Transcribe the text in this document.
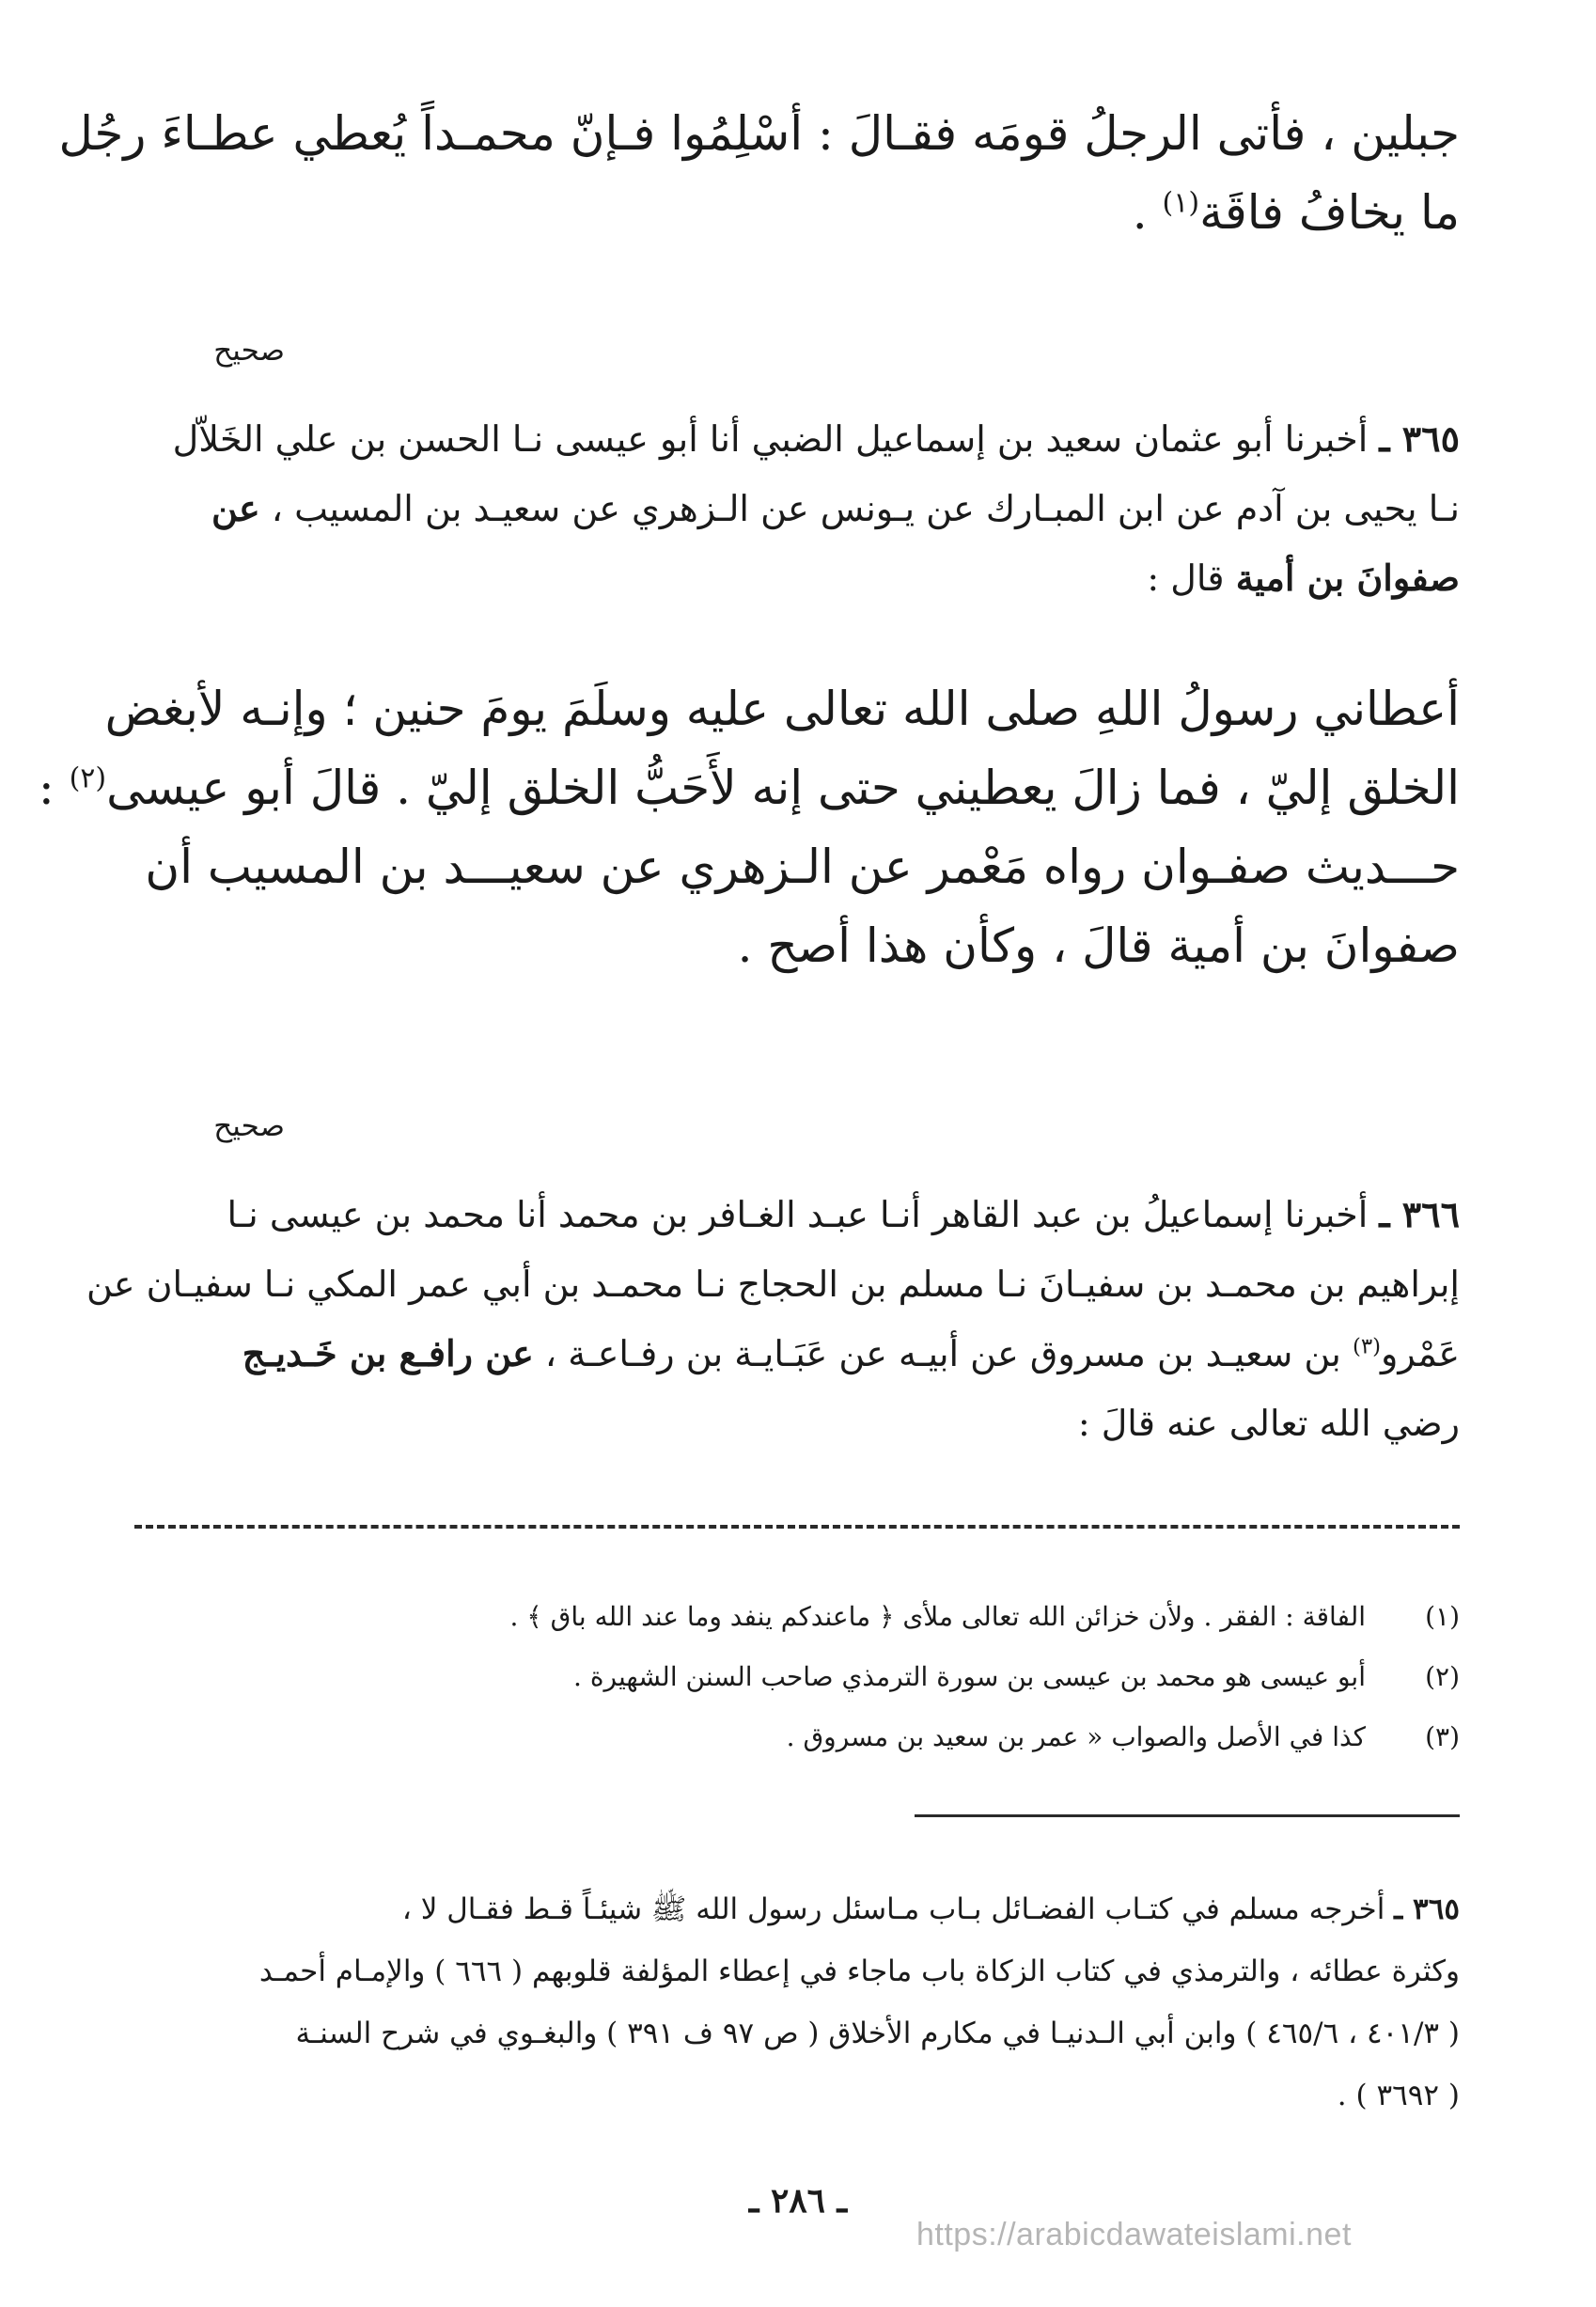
جبلين ، فأتى الرجلُ قومَه فقـالَ : أسْلِمُوا فـإنّ محمـداً يُعطي عطـاءَ رجُل
ما يخافُ فاقَة$^{(١)}$ .
صحيح
٣٦٥ ـ أخبرنا أبو عثمان سعيد بن إسماعيل الضبي أنا أبو عيسى نـا الحسن بن علي الخَلاّل
نـا يحيى بن آدم عن ابن المبـارك عن يـونس عن الـزهري عن سعيـد بن المسيب ، عن
صفوانَ بن أمية قال :
أعطاني رسولُ اللهِ صلى الله تعالى عليه وسلَمَ يومَ حنين ؛ وإنـه لأبغض
الخلق إليّ ، فما زالَ يعطيني حتى إنه لأَحَبُّ الخلق إليّ . قالَ أبو عيسى$^{(٢)}$ :
حـــديث صفـوان رواه مَعْمر عن الـزهري عن سعيـــد بن المسيب أن
صفوانَ بن أمية قالَ ، وكأن هذا أصح .
صحيح
٣٦٦ ـ أخبرنا إسماعيلُ بن عبد القاهر أنـا عبـد الغـافر بن محمد أنا محمد بن عيسى نـا
إبراهيم بن محمـد بن سفيـانَ نـا مسلم بن الحجاج نـا محمـد بن أبي عمر المكي نـا سفيـان عن
عَمْرو$^{(٣)}$ بن سعيـد بن مسروق عن أبيـه عن عَبَـايـة بن رفـاعـة ، عن رافـع بن خَـديـج
رضي الله تعالى عنه قالَ :
(١)
الفاقة : الفقر . ولأن خزائن الله تعالى ملأى ﴿ ماعندكم ينفد وما عند الله باق ﴾ .
(٢)
أبو عيسى هو محمد بن عيسى بن سورة الترمذي صاحب السنن الشهيرة .
(٣)
كذا في الأصل والصواب « عمر بن سعيد بن مسروق .
٣٦٥ ـ أخرجه مسلم في كتـاب الفضـائل بـاب مـاسئل رسول الله ﷺ شيئـاً قـط فقـال لا ،
وكثرة عطائه ، والترمذي في كتاب الزكاة باب ماجاء في إعطاء المؤلفة قلوبهم ( ٦٦٦ ) والإمـام أحمـد
( ٤٠١/٣ ، ٤٦٥/٦ ) وابن أبي الـدنيـا في مكارم الأخلاق ( ص ٩٧ ف ٣٩١ ) والبغـوي في شرح السنـة
( ٣٦٩٢ ) .
ـ ٢٨٦ ـ
https://arabicdawateislami.net
